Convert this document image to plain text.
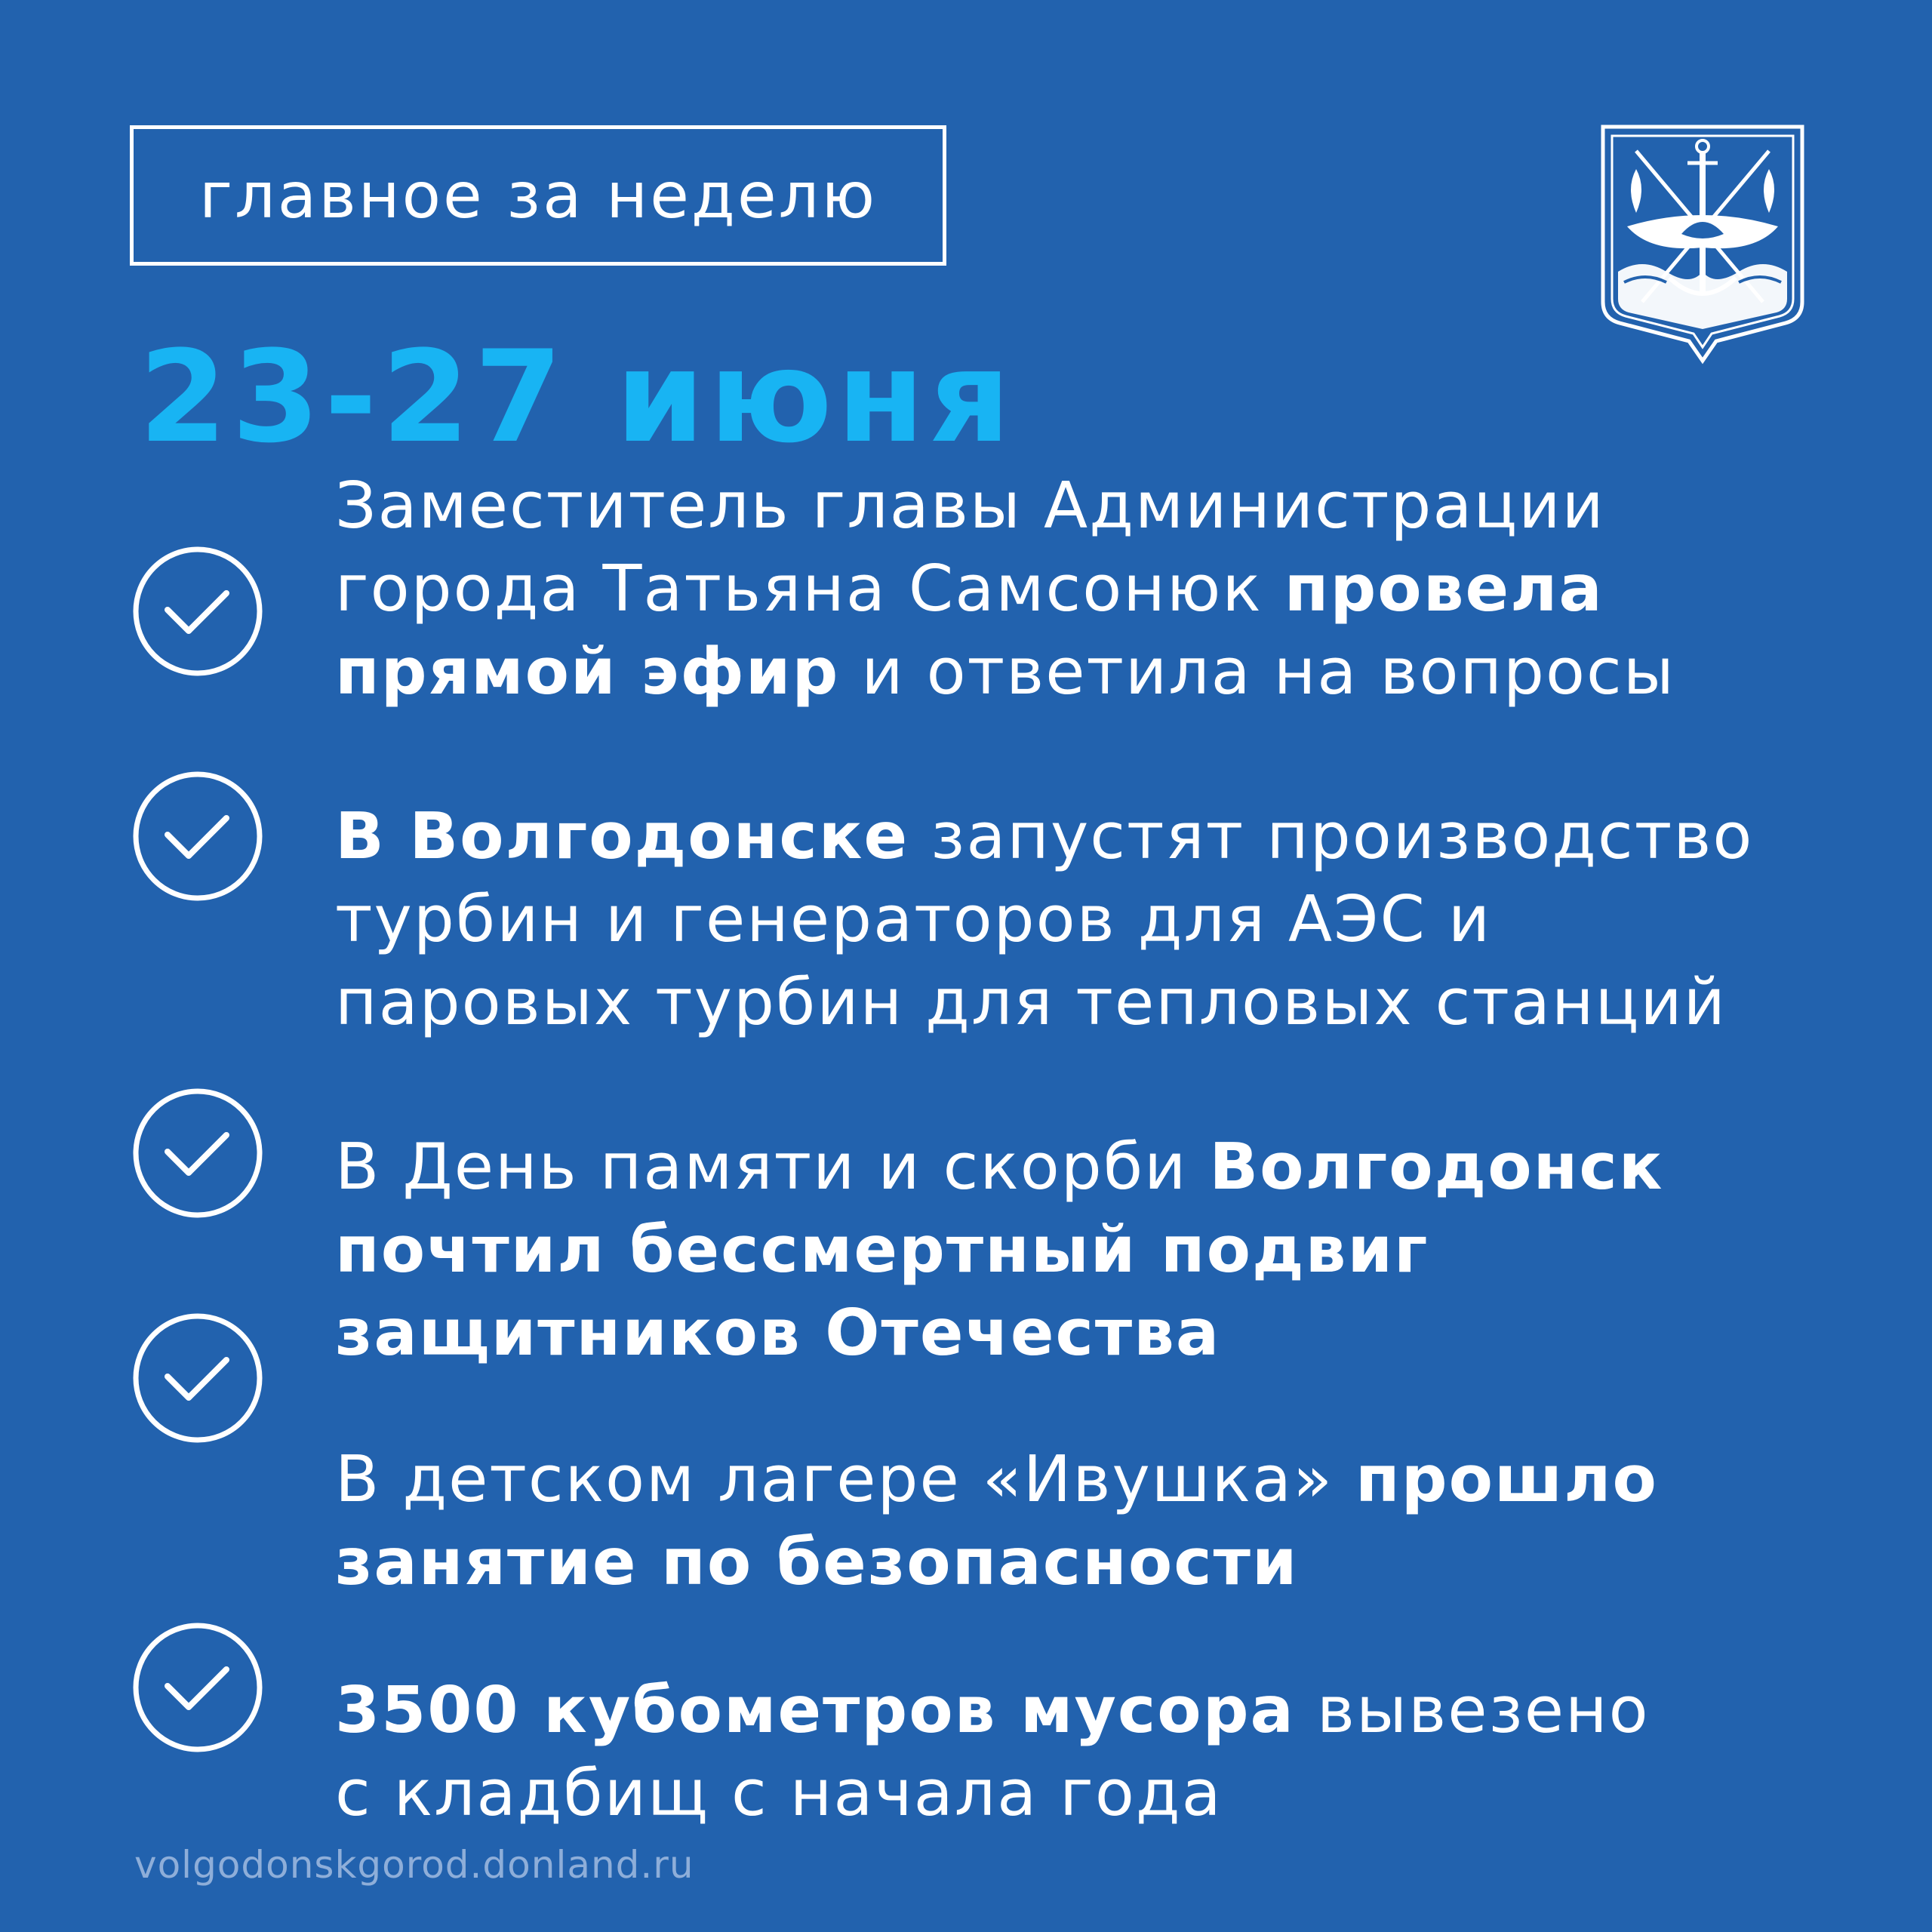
главное за неделю
23-27 июня
Заместитель главы Администрации
города Татьяна Самсонюк провела
прямой эфир и ответила на вопросы
В Волгодонске запустят производство
турбин и генераторов для АЭС и
паровых турбин для тепловых станций
В День памяти и скорби Волгодонск
почтил бессмертный подвиг
защитников Отечества
В детском лагере «Ивушка» прошло
занятие по безопасности
3500 кубометров мусора вывезено
с кладбищ с начала года
volgodonskgorod.donland.ru
